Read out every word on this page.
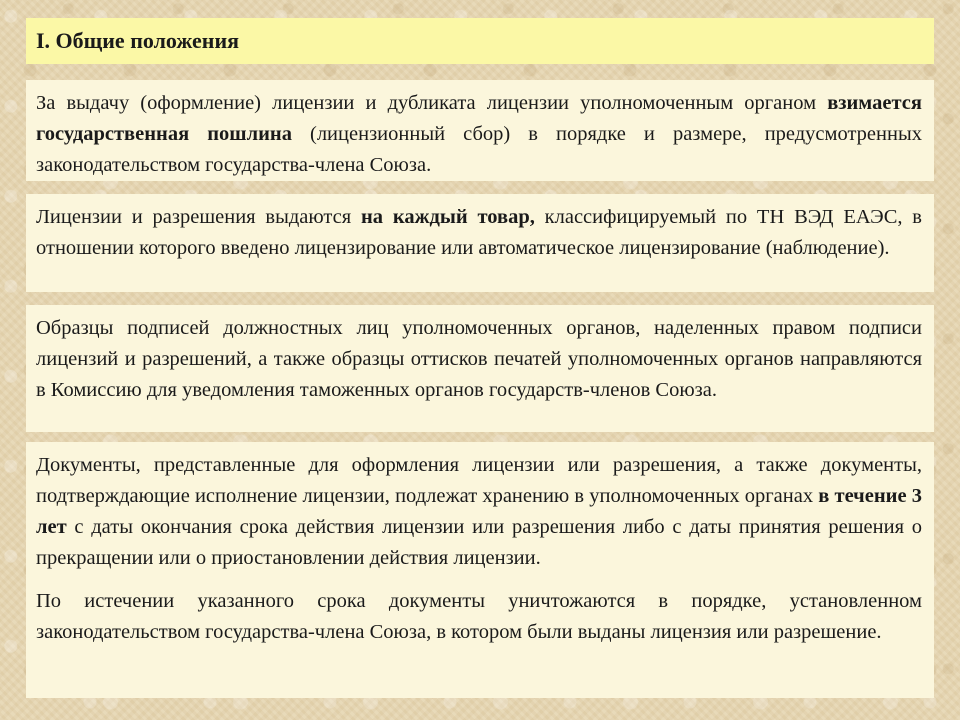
I. Общие положения

За выдачу (оформление) лицензии и дубликата лицензии уполномоченным органом взимается государственная пошлина (лицензионный сбор) в порядке и размере, предусмотренных законодательством государства-члена Союза.

Лицензии и разрешения выдаются на каждый товар, классифицируемый по ТН ВЭД ЕАЭС, в отношении которого введено лицензирование или автоматическое лицензирование (наблюдение).

Образцы подписей должностных лиц уполномоченных органов, наделенных правом подписи лицензий и разрешений, а также образцы оттисков печатей уполномоченных органов направляются в Комиссию для уведомления таможенных органов государств-членов Союза.

Документы, представленные для оформления лицензии или разрешения, а также документы, подтверждающие исполнение лицензии, подлежат хранению в уполномоченных органах в течение 3 лет с даты окончания срока действия лицензии или разрешения либо с даты принятия решения о прекращении или о приостановлении действия лицензии.

По истечении указанного срока документы уничтожаются в порядке, установленном законодательством государства-члена Союза, в котором были выданы лицензия или разрешение.
